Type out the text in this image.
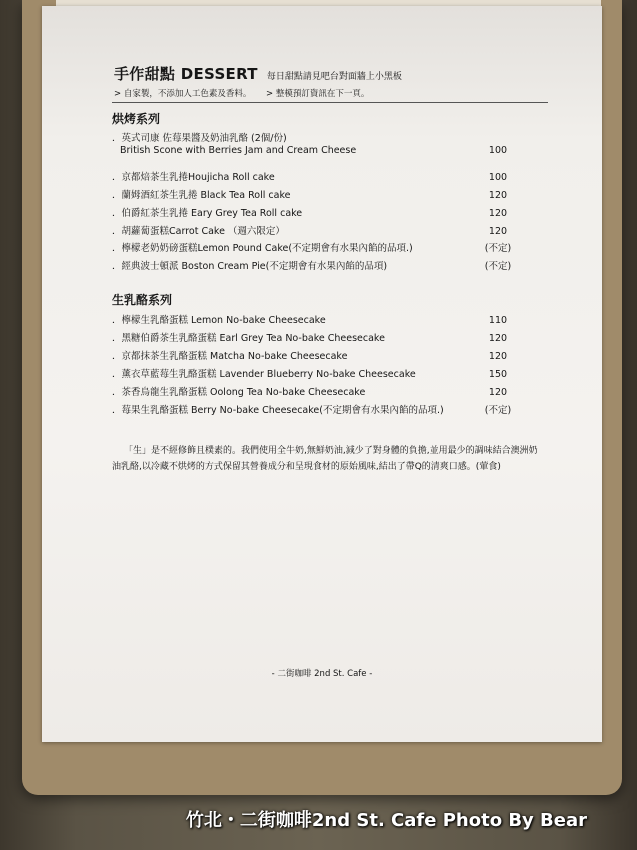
手作甜點 DESSERT 每日甜點請見吧台對面牆上小黑板
> 自家製，不添加人工色素及香料。 > 整模預訂資訊在下一頁。
烘烤系列
．英式司康 佐莓果醬及奶油乳酪 (2個/份)
British Scone with Berries Jam and Cream Cheese	100
．京都焙茶生乳捲Houjicha Roll cake	100
．蘭姆酒紅茶生乳捲 Black Tea Roll cake	120
．伯爵紅茶生乳捲 Eary Grey Tea Roll cake	120
．胡蘿蔔蛋糕Carrot Cake （週六限定）	120
．檸檬老奶奶磅蛋糕Lemon Pound Cake(不定期會有水果內餡的品項.)	(不定)
．經典波士頓派 Boston Cream Pie(不定期會有水果內餡的品項)	(不定)
生乳酪系列
．檸檬生乳酪蛋糕 Lemon No-bake Cheesecake	110
．黑糖伯爵茶生乳酪蛋糕 Earl Grey Tea No-bake Cheesecake	120
．京都抹茶生乳酪蛋糕 Matcha No-bake Cheesecake	120
．薰衣草藍莓生乳酪蛋糕 Lavender Blueberry No-bake Cheesecake	150
．茶香烏龍生乳酪蛋糕 Oolong Tea No-bake Cheesecake	120
．莓果生乳酪蛋糕 Berry No-bake Cheesecake(不定期會有水果內餡的品項.)	(不定)
「生」是不經修飾且樸素的。我們使用全牛奶,無鮮奶油,減少了對身體的負擔,並用最少的調味結合澳洲奶油乳酪,以冷藏不烘烤的方式保留其營養成分和呈現食材的原始風味,結出了帶Q的清爽口感。(葷食)
- 二街咖啡 2nd St. Cafe -
竹北・二街咖啡2nd St. Cafe Photo By Bear
